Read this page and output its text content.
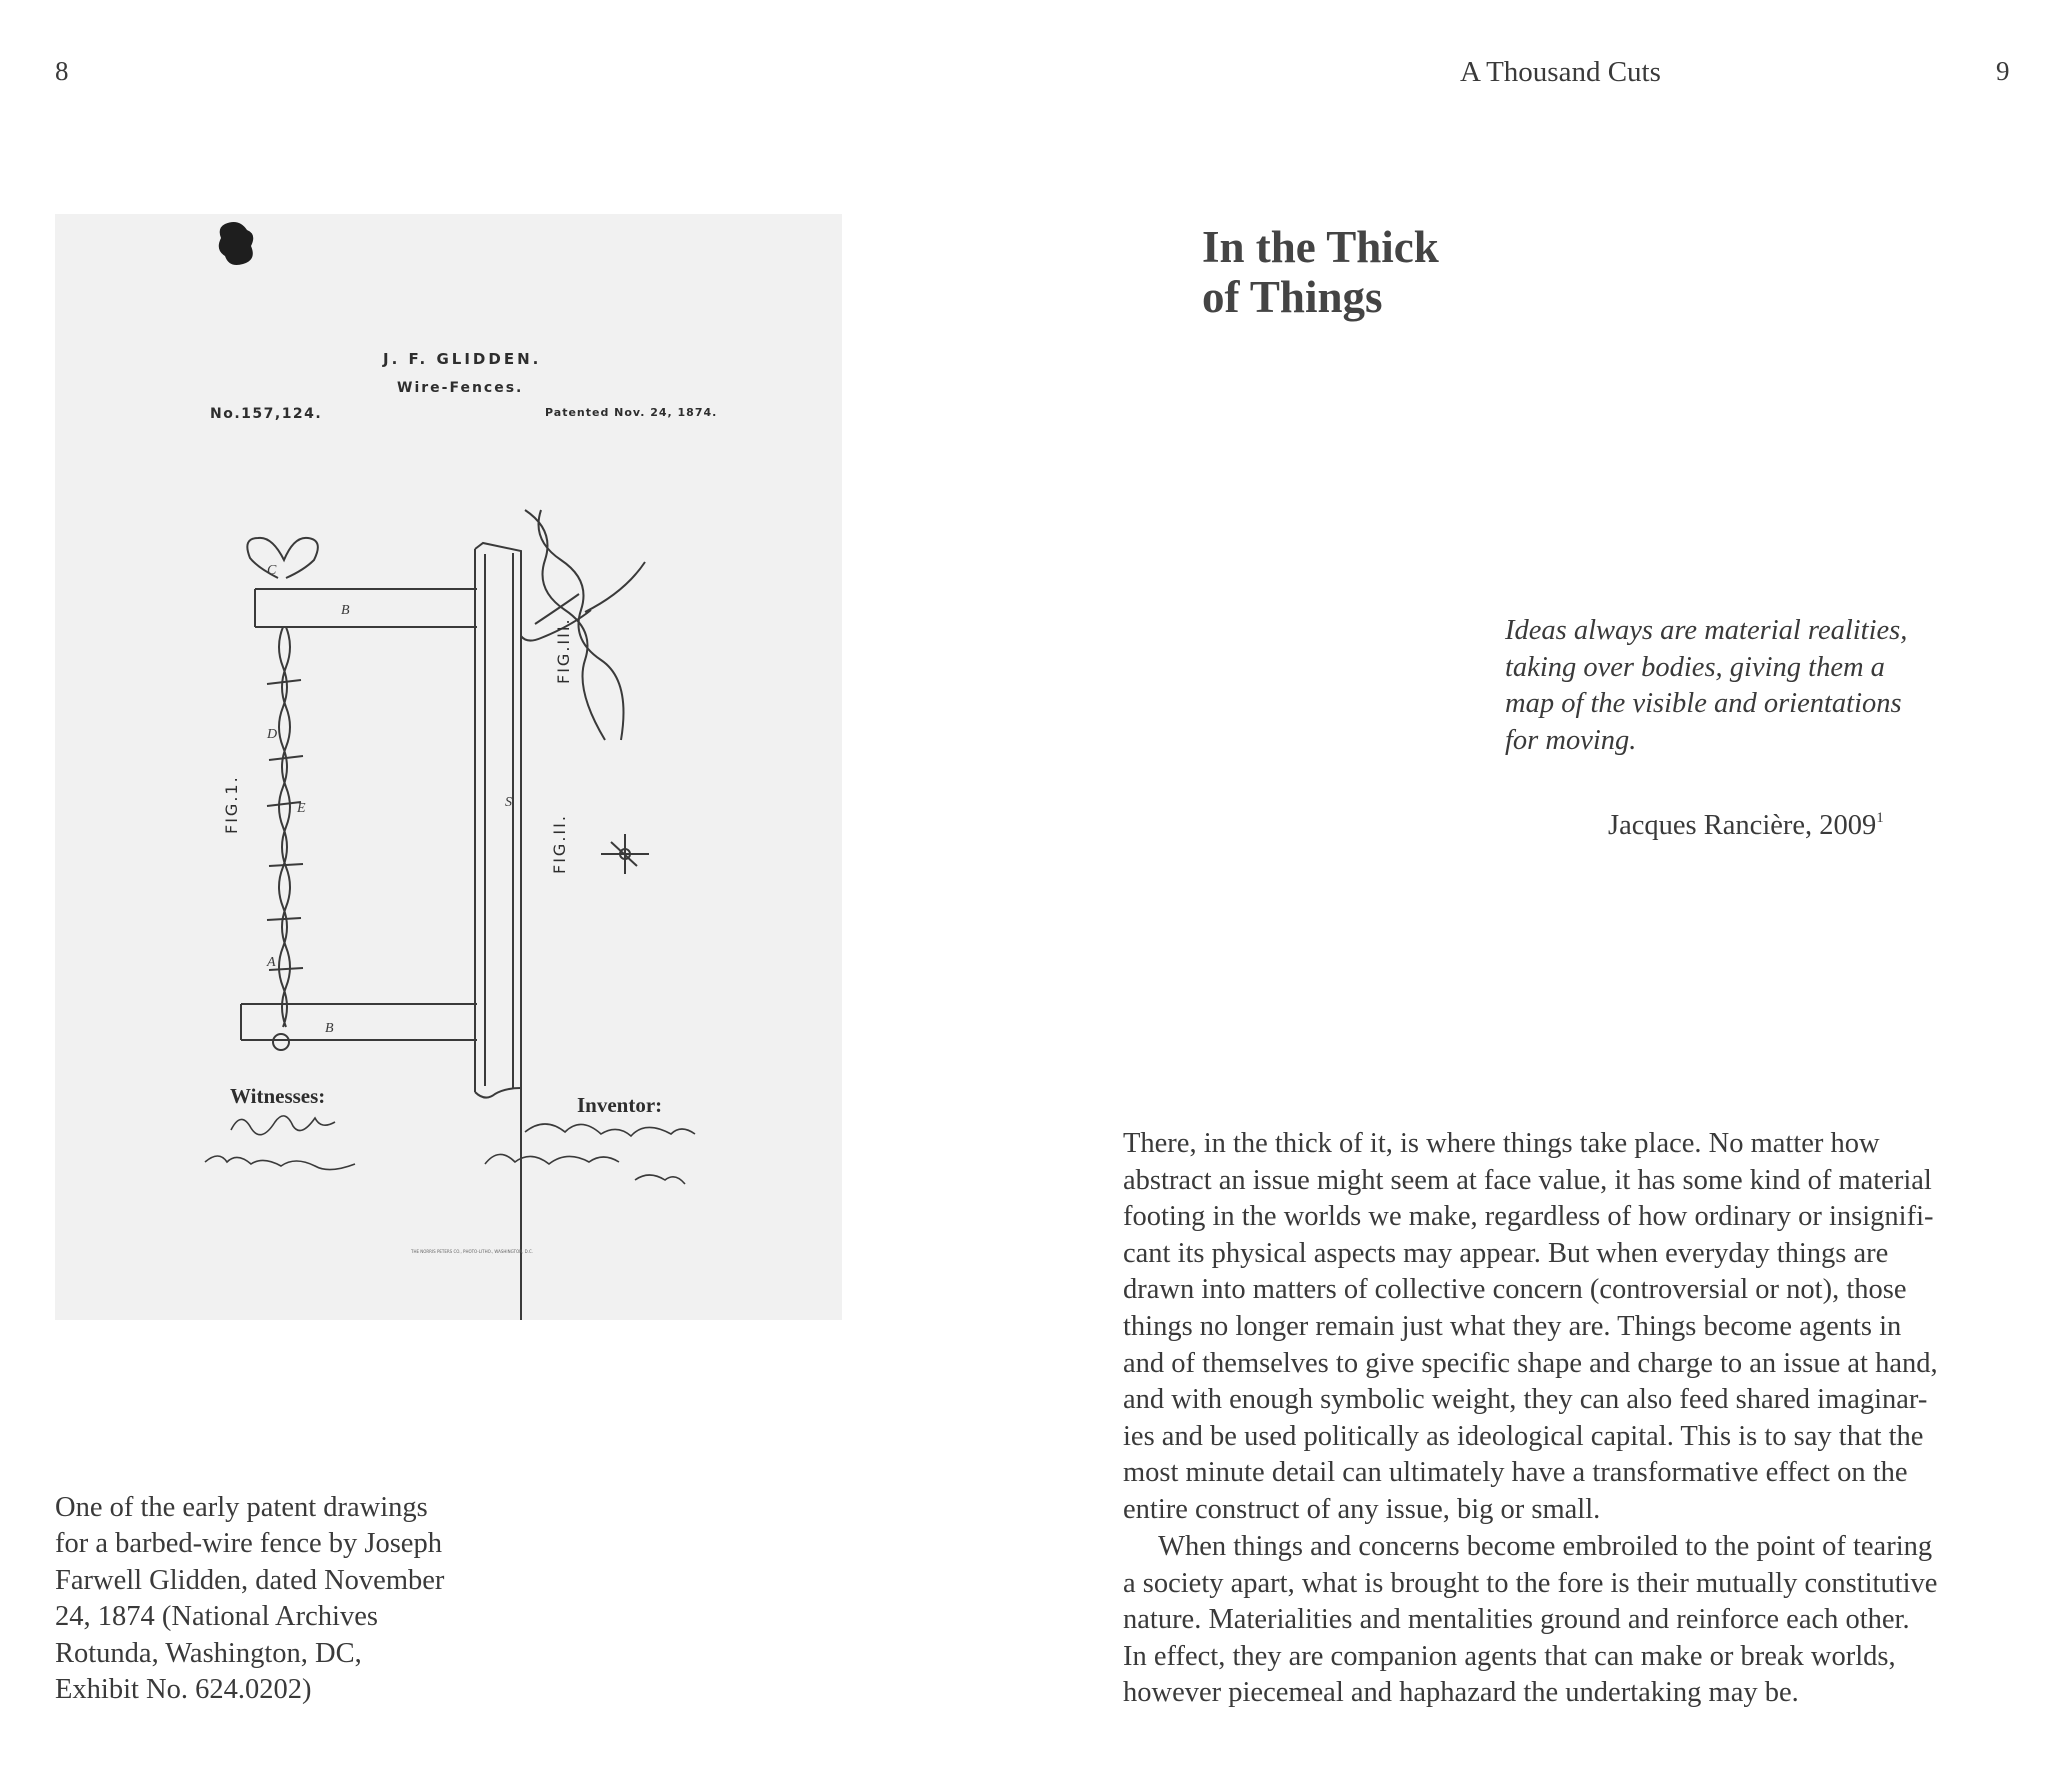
8	A Thousand Cuts	9
J. F. GLIDDEN.
Wire-Fences.
No.157,124.	Patented Nov. 24, 1874.
FIG.1.
FIG.II.
FIG.III.
C
B
D
E	S
A
B
Witnesses:	Inventor:
THE NORRIS PETERS CO., PHOTO-LITHO., WASHINGTON, D.C.
One of the early patent drawings
for a barbed-wire fence by Joseph
Farwell Glidden, dated November
24, 1874 (National Archives
Rotunda, Washington, DC,
Exhibit No. 624.0202)
In the Thick
of Things
Ideas always are material realities,
taking over bodies, giving them a
map of the visible and orientations
for moving.
Jacques Rancière, 2009$^1$
There, in the thick of it, is where things take place. No matter how
abstract an issue might seem at face value, it has some kind of material
footing in the worlds we make, regardless of how ordinary or insignifi-
cant its physical aspects may appear. But when everyday things are
drawn into matters of collective concern (controversial or not), those
things no longer remain just what they are. Things become agents in
and of themselves to give specific shape and charge to an issue at hand,
and with enough symbolic weight, they can also feed shared imaginar-
ies and be used politically as ideological capital. This is to say that the
most minute detail can ultimately have a transformative effect on the
entire construct of any issue, big or small.
  When things and concerns become embroiled to the point of tearing
a society apart, what is brought to the fore is their mutually constitutive
nature. Materialities and mentalities ground and reinforce each other.
In effect, they are companion agents that can make or break worlds,
however piecemeal and haphazard the undertaking may be.
